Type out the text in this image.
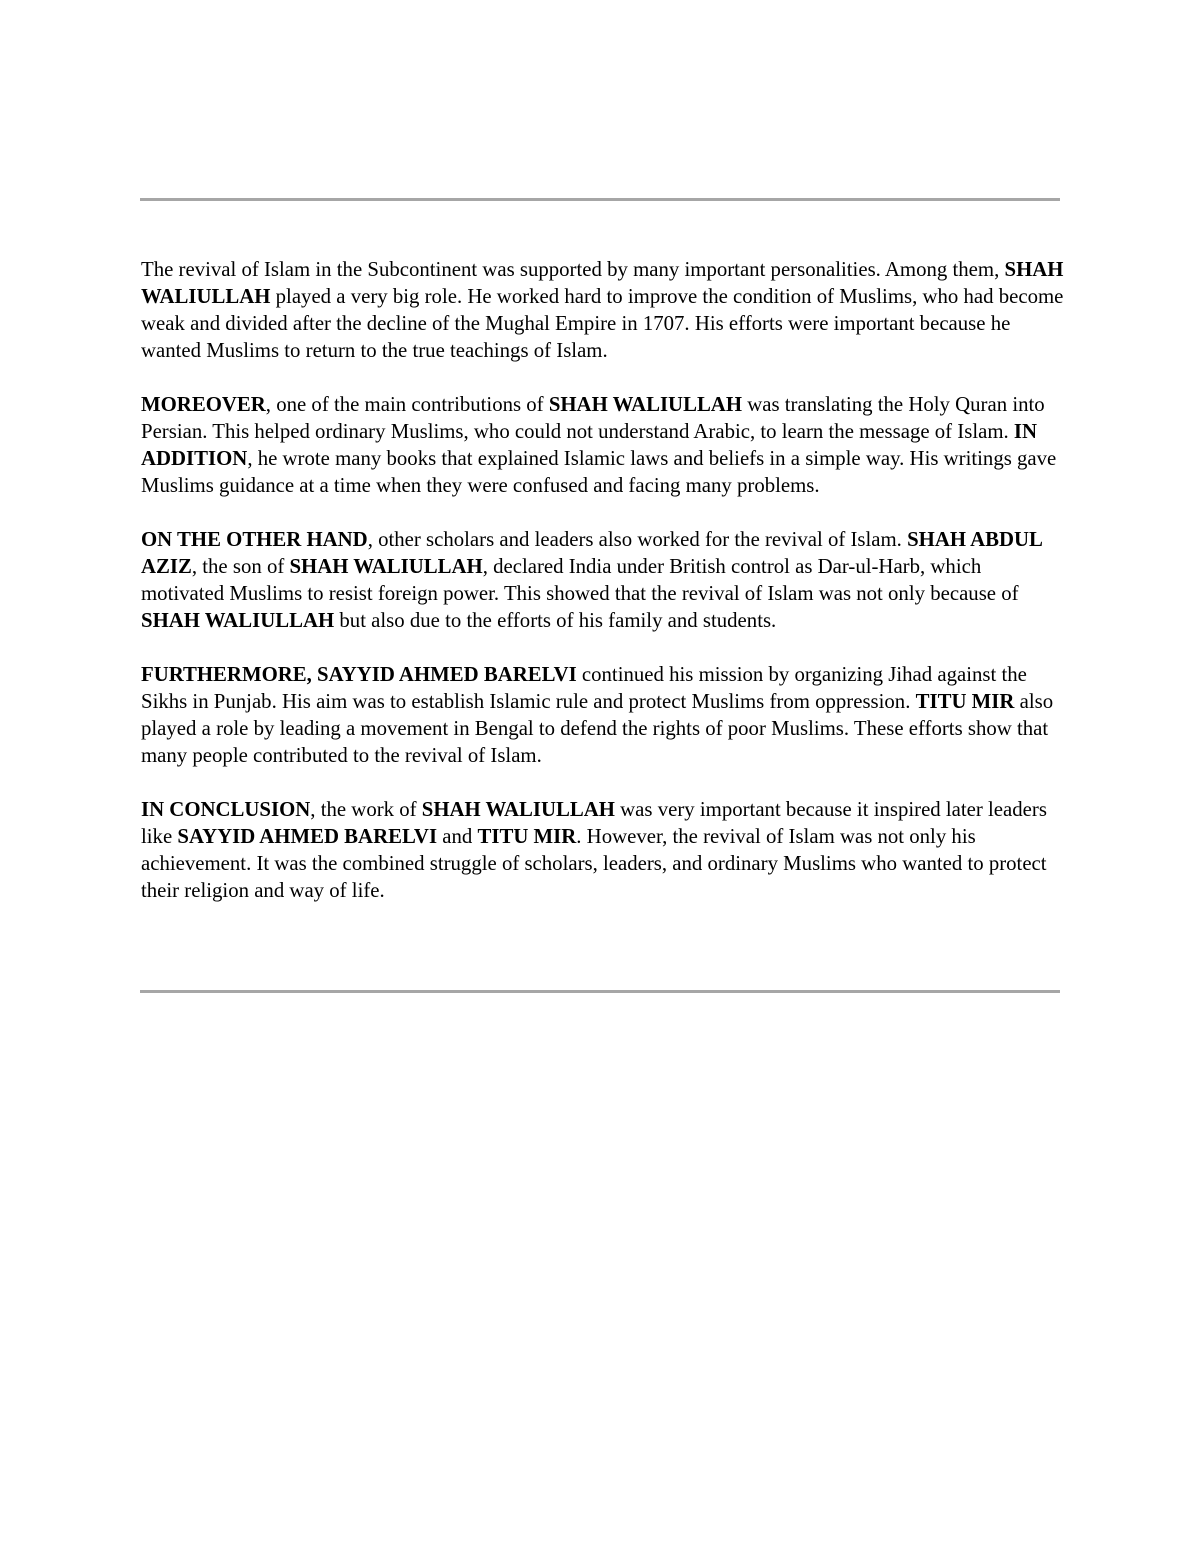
The revival of Islam in the Subcontinent was supported by many important personalities. Among them, SHAH WALIULLAH played a very big role. He worked hard to improve the condition of Muslims, who had become weak and divided after the decline of the Mughal Empire in 1707. His efforts were important because he wanted Muslims to return to the true teachings of Islam.

MOREOVER, one of the main contributions of SHAH WALIULLAH was translating the Holy Quran into Persian. This helped ordinary Muslims, who could not understand Arabic, to learn the message of Islam. IN ADDITION, he wrote many books that explained Islamic laws and beliefs in a simple way. His writings gave Muslims guidance at a time when they were confused and facing many problems.

ON THE OTHER HAND, other scholars and leaders also worked for the revival of Islam. SHAH ABDUL AZIZ, the son of SHAH WALIULLAH, declared India under British control as Dar-ul-Harb, which motivated Muslims to resist foreign power. This showed that the revival of Islam was not only because of SHAH WALIULLAH but also due to the efforts of his family and students.

FURTHERMORE, SAYYID AHMED BARELVI continued his mission by organizing Jihad against the Sikhs in Punjab. His aim was to establish Islamic rule and protect Muslims from oppression. TITU MIR also played a role by leading a movement in Bengal to defend the rights of poor Muslims. These efforts show that many people contributed to the revival of Islam.

IN CONCLUSION, the work of SHAH WALIULLAH was very important because it inspired later leaders like SAYYID AHMED BARELVI and TITU MIR. However, the revival of Islam was not only his achievement. It was the combined struggle of scholars, leaders, and ordinary Muslims who wanted to protect their religion and way of life.
